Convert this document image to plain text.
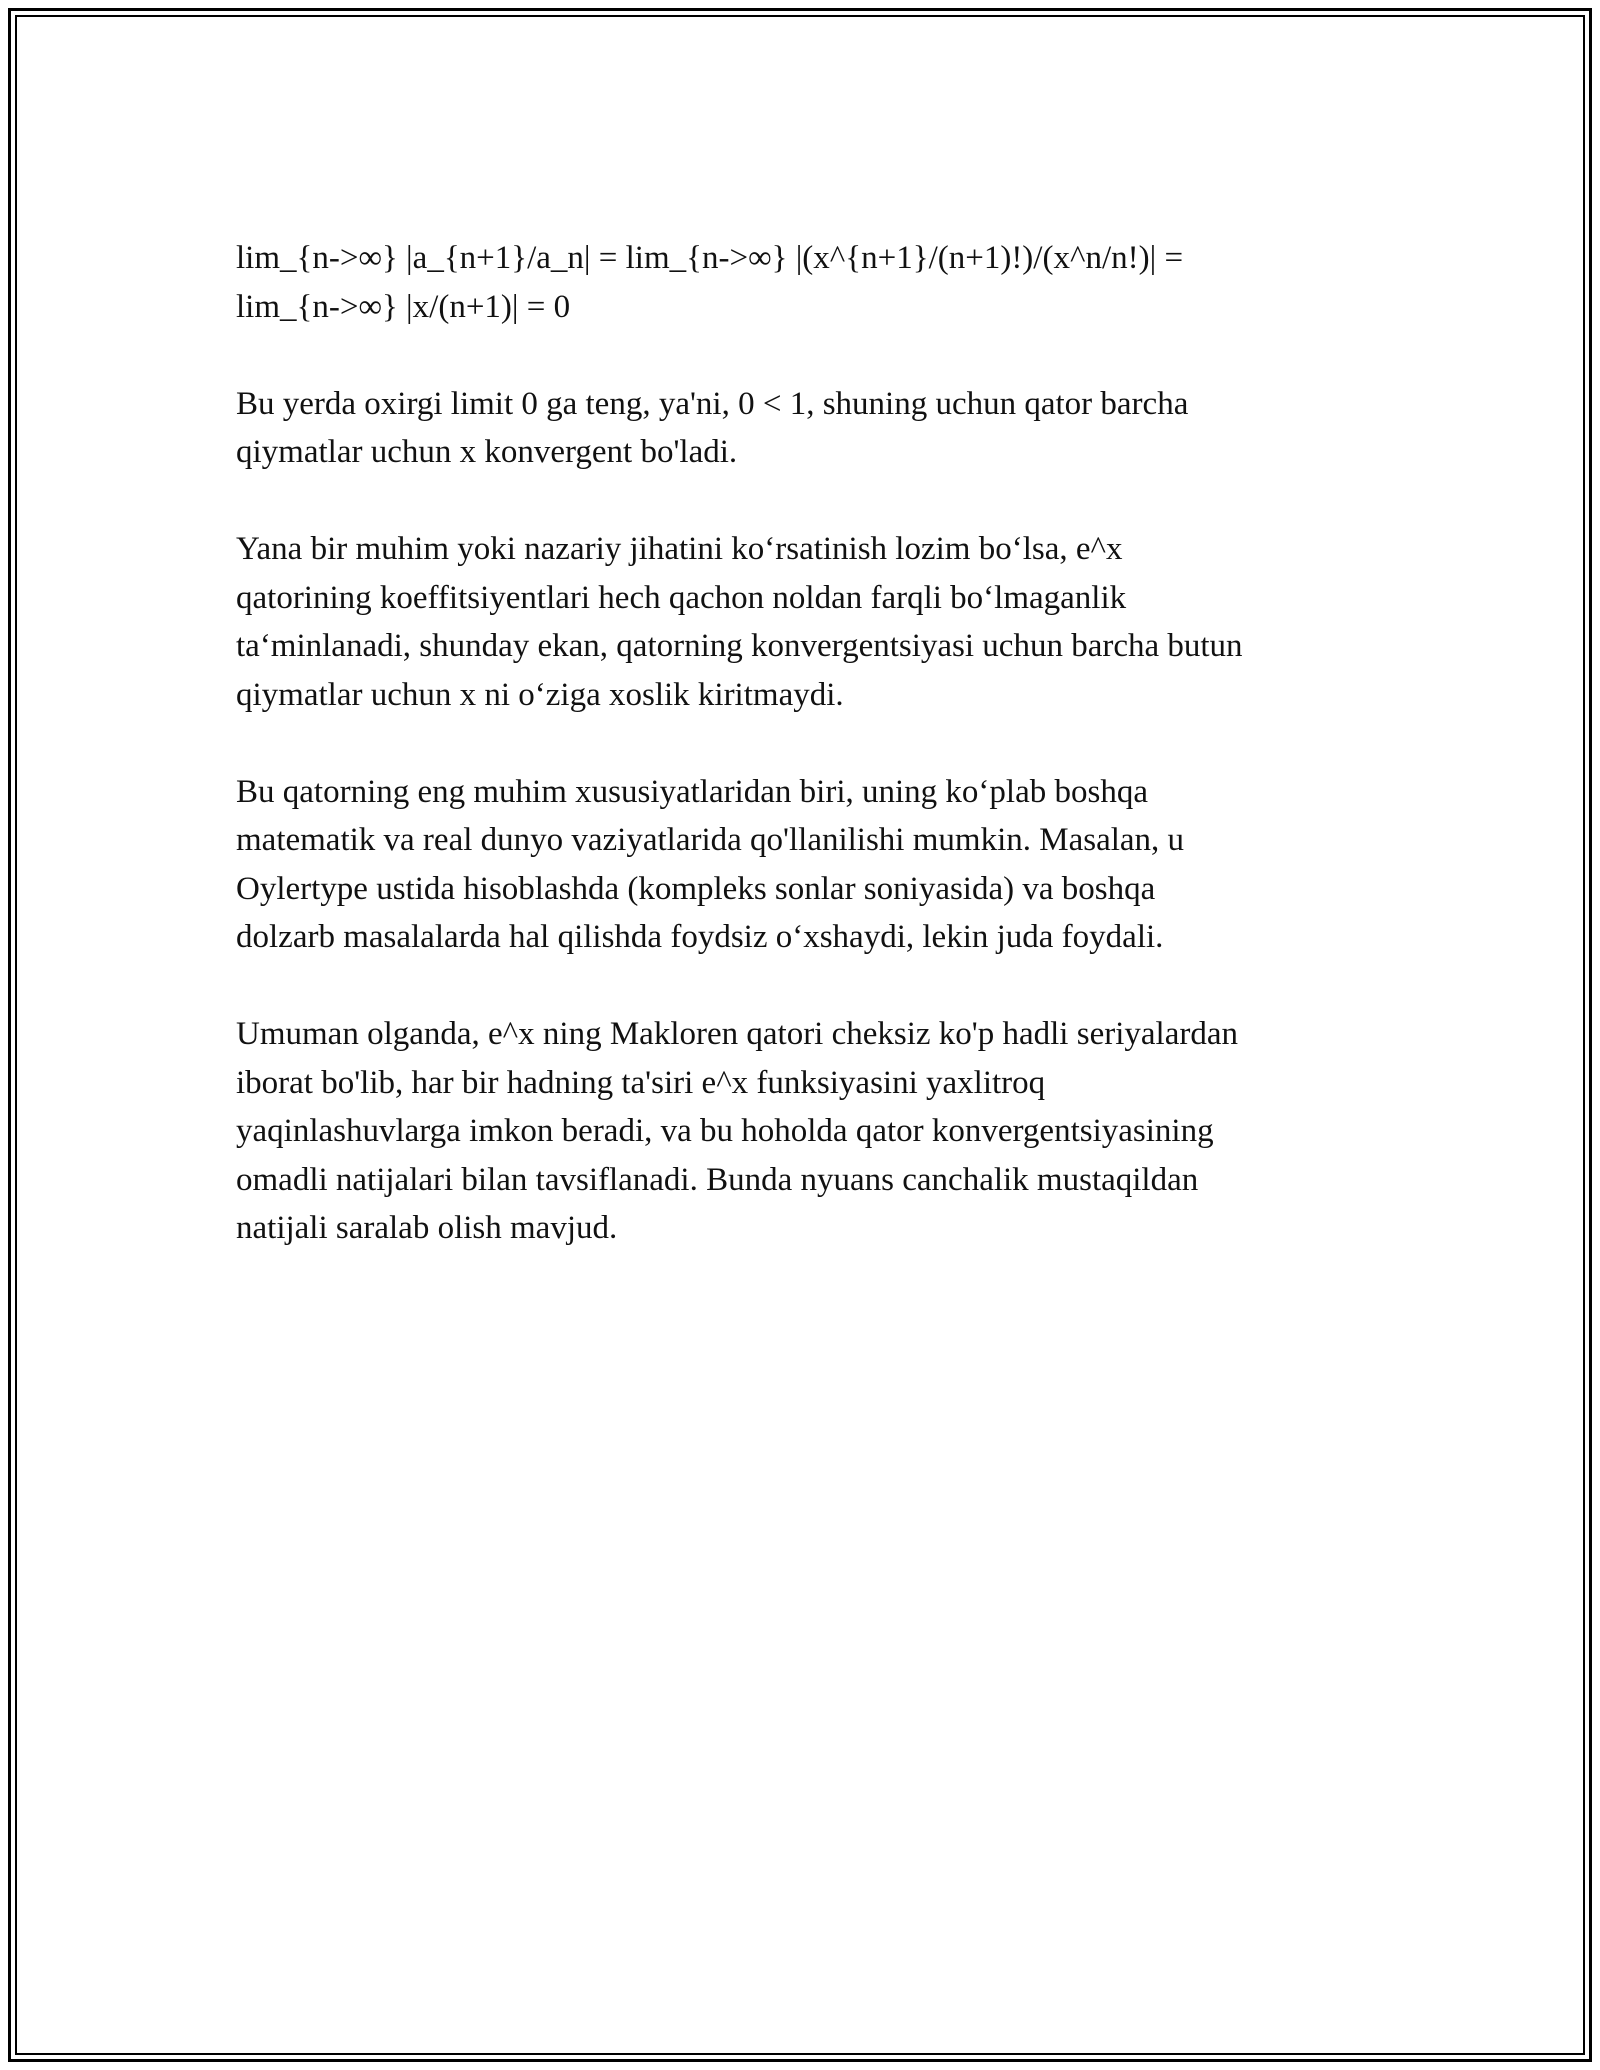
lim_{n->∞} |a_{n+1}/a_n| = lim_{n->∞} |(x^{n+1}/(n+1)!)/(x^n/n!)| =
lim_{n->∞} |x/(n+1)| = 0

Bu yerda oxirgi limit 0 ga teng, ya'ni, 0 < 1, shuning uchun qator barcha
qiymatlar uchun x konvergent bo'ladi.

Yana bir muhim yoki nazariy jihatini ko‘rsatinish lozim bo‘lsa, e^x
qatorining koeffitsiyentlari hech qachon noldan farqli bo‘lmaganlik
ta‘minlanadi, shunday ekan, qatorning konvergentsiyasi uchun barcha butun
qiymatlar uchun x ni o‘ziga xoslik kiritmaydi.

Bu qatorning eng muhim xususiyatlaridan biri, uning ko‘plab boshqa
matematik va real dunyo vaziyatlarida qo'llanilishi mumkin. Masalan, u
Oylertype ustida hisoblashda (kompleks sonlar soniyasida) va boshqa
dolzarb masalalarda hal qilishda foydsiz o‘xshaydi, lekin juda foydali.

Umuman olganda, e^x ning Makloren qatori cheksiz ko'p hadli seriyalardan
iborat bo'lib, har bir hadning ta'siri e^x funksiyasini yaxlitroq
yaqinlashuvlarga imkon beradi, va bu hoholda qator konvergentsiyasining
omadli natijalari bilan tavsiflanadi. Bunda nyuans canchalik mustaqildan
natijali saralab olish mavjud.
